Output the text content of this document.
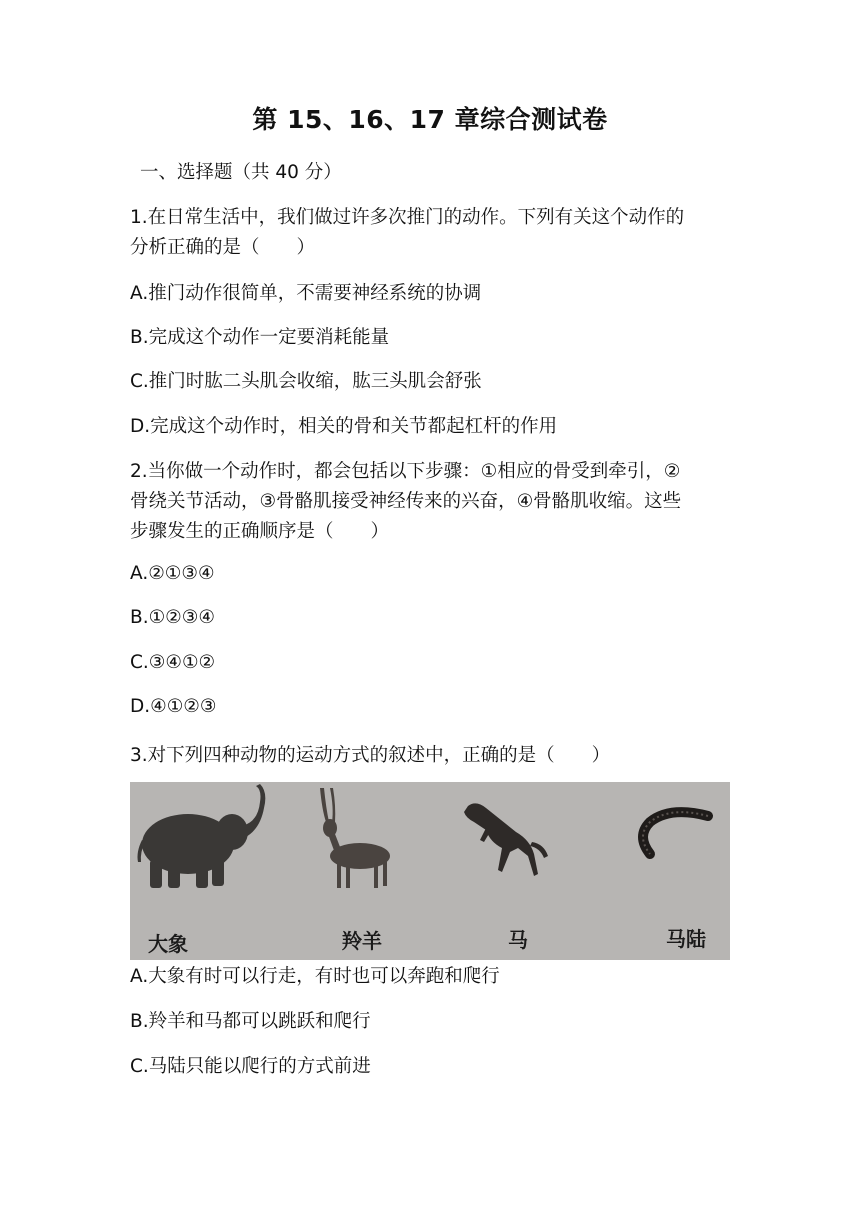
第 15、16、17 章综合测试卷
一、选择题（共 40 分）
1.在日常生活中，我们做过许多次推门的动作。下列有关这个动作的
分析正确的是（　　）
A.推门动作很简单，不需要神经系统的协调
B.完成这个动作一定要消耗能量
C.推门时肱二头肌会收缩，肱三头肌会舒张
D.完成这个动作时，相关的骨和关节都起杠杆的作用
2.当你做一个动作时，都会包括以下步骤：①相应的骨受到牵引，②
骨绕关节活动，③骨骼肌接受神经传来的兴奋，④骨骼肌收缩。这些
步骤发生的正确顺序是（　　）
A.②①③④
B.①②③④
C.③④①②
D.④①②③
3.对下列四种动物的运动方式的叙述中，正确的是（　　）
大象	羚羊	马	马陆
A.大象有时可以行走，有时也可以奔跑和爬行
B.羚羊和马都可以跳跃和爬行
C.马陆只能以爬行的方式前进
